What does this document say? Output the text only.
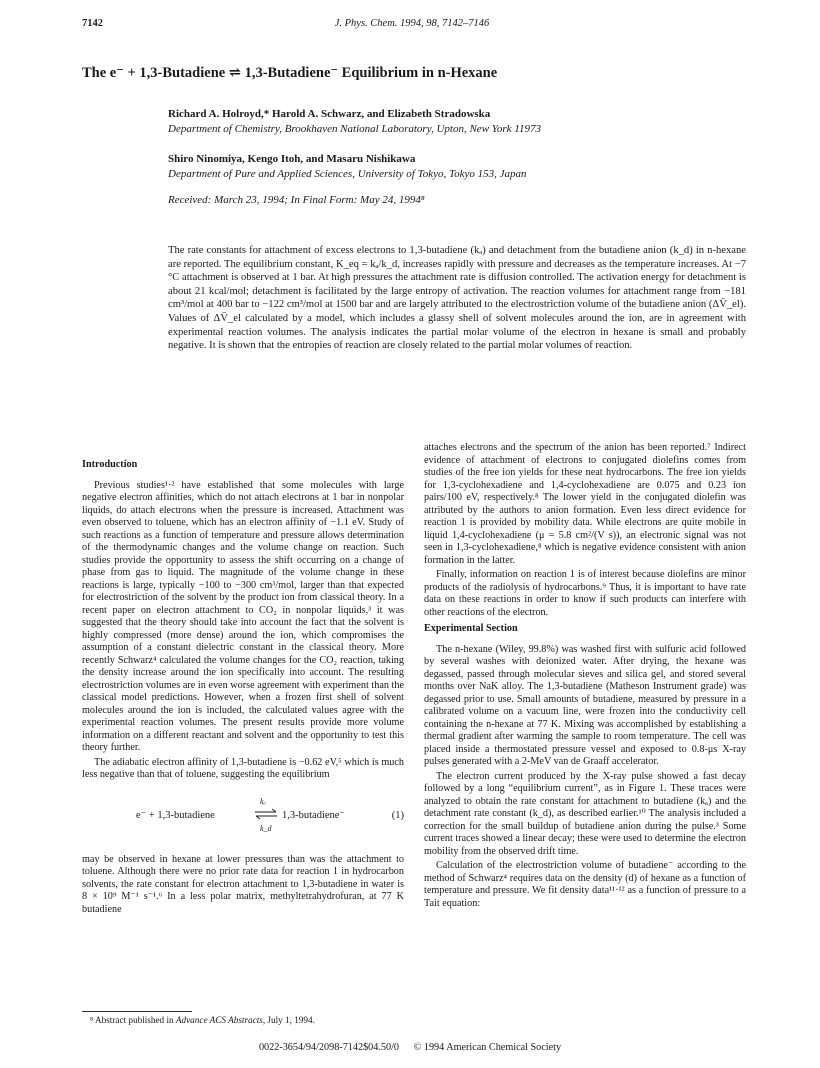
7142	J. Phys. Chem. 1994, 98, 7142–7146
The e⁻ + 1,3-Butadiene ⇌ 1,3-Butadiene⁻ Equilibrium in n-Hexane
Richard A. Holroyd,* Harold A. Schwarz, and Elizabeth Stradowska
Department of Chemistry, Brookhaven National Laboratory, Upton, New York 11973
Shiro Ninomiya, Kengo Itoh, and Masaru Nishikawa
Department of Pure and Applied Sciences, University of Tokyo, Tokyo 153, Japan
Received: March 23, 1994; In Final Form: May 24, 1994⁸
The rate constants for attachment of excess electrons to 1,3-butadiene (kₐ) and detachment from the butadiene anion (k_d) in n-hexane are reported. The equilibrium constant, K_eq = kₐ/k_d, increases rapidly with pressure and decreases as the temperature increases. At −7 °C attachment is observed at 1 bar. At high pressures the attachment rate is diffusion controlled. The activation energy for detachment is about 21 kcal/mol; detachment is facilitated by the large entropy of activation. The reaction volumes for attachment range from −181 cm³/mol at 400 bar to −122 cm³/mol at 1500 bar and are largely attributed to the electrostriction volume of the butadiene anion (ΔV̄_el). Values of ΔV̄_el calculated by a model, which includes a glassy shell of solvent molecules around the ion, are in agreement with experimental reaction volumes. The analysis indicates the partial molar volume of the electron in hexane is small and probably negative. It is shown that the entropies of reaction are closely related to the partial molar volumes of reaction.

Introduction

Previous studies¹·² have established that some molecules with large negative electron affinities, which do not attach electrons at 1 bar in nonpolar liquids, do attach electrons when the pressure is increased. Attachment was even observed to toluene, which has an electron affinity of −1.1 eV. Study of such reactions as a function of temperature and pressure allows determination of the thermodynamic changes and the volume change on reaction. Such studies provide the opportunity to assess the shift occurring on a change of phase from gas to liquid. The magnitude of the volume change in these reactions is large, typically −100 to −300 cm³/mol, larger than that expected for electrostriction of the solvent by the product ion from classical theory. In a recent paper on electron attachment to CO₂ in nonpolar liquids,³ it was suggested that the theory should take into account the fact that the solvent is highly compressed (more dense) around the ion, which compromises the assumption of a constant dielectric constant in the classical theory. More recently Schwarz⁴ calculated the volume changes for the CO₂ reaction, taking the density increase around the ion specifically into account. The resulting electrostriction volumes are in even worse agreement with experiment than the classical model predictions. However, when a frozen first shell of solvent molecules around the ion is included, the calculated values agree with the experimental reaction volumes. The present results provide more volume information on a different reactant and solvent and the opportunity to test this theory further.

The adiabatic electron affinity of 1,3-butadiene is −0.62 eV,⁵ which is much less negative than that of toluene, suggesting the equilibrium

e⁻ + 1,3-butadiene
kₐ
k_d
1,3-butadiene⁻	(1)

may be observed in hexane at lower pressures than was the attachment to toluene. Although there were no prior rate data for reaction 1 in hydrocarbon solvents, the rate constant for electron attachment to 1,3-butadiene in water is 8 × 10⁹ M⁻¹ s⁻¹.⁶ In a less polar matrix, methyltetrahydrofuran, at 77 K butadiene

attaches electrons and the spectrum of the anion has been reported.⁷ Indirect evidence of attachment of electrons to conjugated diolefins comes from studies of the free ion yields for these neat hydrocarbons. The free ion yields for 1,3-cyclohexadiene and 1,4-cyclohexadiene are 0.075 and 0.23 ion pairs/100 eV, respectively.⁸ The lower yield in the conjugated diolefin was attributed by the authors to anion formation. Even less direct evidence for reaction 1 is provided by mobility data. While electrons are quite mobile in liquid 1,4-cyclohexadiene (μ = 5.8 cm²/(V s)), an electronic signal was not seen in 1,3-cyclohexadiene,⁸ which is negative evidence consistent with anion formation in the latter.

Finally, information on reaction 1 is of interest because diolefins are minor products of the radiolysis of hydrocarbons.⁹ Thus, it is important to have rate data on these reactions in order to know if such products can interfere with other reactions of the electron.

Experimental Section

The n-hexane (Wiley, 99.8%) was washed first with sulfuric acid followed by several washes with deionized water. After drying, the hexane was degassed, passed through molecular sieves and silica gel, and stored several months over NaK alloy. The 1,3-butadiene (Matheson Instrument grade) was degassed prior to use. Small amounts of butadiene, measured by pressure in a calibrated volume on a vacuum line, were frozen into the conductivity cell containing the n-hexane at 77 K. Mixing was accomplished by establishing a thermal gradient after warming the sample to room temperature. The cell was placed inside a thermostated pressure vessel and exposed to 0.8-μs X-ray pulses generated with a 2-MeV van de Graaff accelerator.

The electron current produced by the X-ray pulse showed a fast decay followed by a long “equilibrium current”, as in Figure 1. These traces were analyzed to obtain the rate constant for attachment to butadiene (kₐ) and the detachment rate constant (k_d), as described earlier.¹⁰ The analysis included a correction for the small buildup of butadiene anion during the pulse.³ Some current traces showed a linear decay; these were used to determine the electron mobility from the observed drift time.

Calculation of the electrostriction volume of butadiene⁻ according to the method of Schwarz⁴ requires data on the density (d) of hexane as a function of temperature and pressure. We fit density data¹¹·¹² as a function of pressure to a Tait equation:

⁸ Abstract published in Advance ACS Abstracts, July 1, 1994.
0022-3654/94/2098-7142$04.50/0 © 1994 American Chemical Society
